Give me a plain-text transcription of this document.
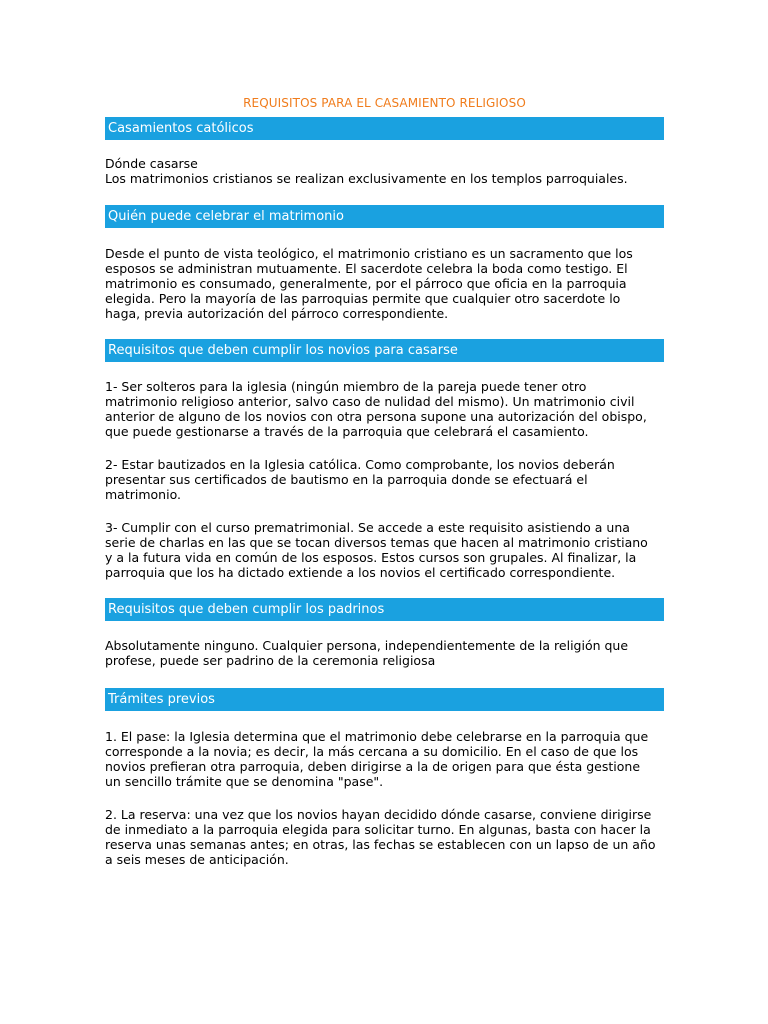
REQUISITOS PARA EL CASAMIENTO RELIGIOSO
Casamientos católicos

Dónde casarse
Los matrimonios cristianos se realizan exclusivamente en los templos parroquiales.

Quién puede celebrar el matrimonio

Desde el punto de vista teológico, el matrimonio cristiano es un sacramento que los
esposos se administran mutuamente. El sacerdote celebra la boda como testigo. El
matrimonio es consumado, generalmente, por el párroco que oficia en la parroquia
elegida. Pero la mayoría de las parroquias permite que cualquier otro sacerdote lo
haga, previa autorización del párroco correspondiente.

Requisitos que deben cumplir los novios para casarse

1- Ser solteros para la iglesia (ningún miembro de la pareja puede tener otro
matrimonio religioso anterior, salvo caso de nulidad del mismo). Un matrimonio civil
anterior de alguno de los novios con otra persona supone una autorización del obispo,
que puede gestionarse a través de la parroquia que celebrará el casamiento.

2- Estar bautizados en la Iglesia católica. Como comprobante, los novios deberán
presentar sus certificados de bautismo en la parroquia donde se efectuará el
matrimonio.

3- Cumplir con el curso prematrimonial. Se accede a este requisito asistiendo a una
serie de charlas en las que se tocan diversos temas que hacen al matrimonio cristiano
y a la futura vida en común de los esposos. Estos cursos son grupales. Al finalizar, la
parroquia que los ha dictado extiende a los novios el certificado correspondiente.

Requisitos que deben cumplir los padrinos

Absolutamente ninguno. Cualquier persona, independientemente de la religión que
profese, puede ser padrino de la ceremonia religiosa

Trámites previos

1. El pase: la Iglesia determina que el matrimonio debe celebrarse en la parroquia que
corresponde a la novia; es decir, la más cercana a su domicilio. En el caso de que los
novios prefieran otra parroquia, deben dirigirse a la de origen para que ésta gestione
un sencillo trámite que se denomina "pase".

2. La reserva: una vez que los novios hayan decidido dónde casarse, conviene dirigirse
de inmediato a la parroquia elegida para solicitar turno. En algunas, basta con hacer la
reserva unas semanas antes; en otras, las fechas se establecen con un lapso de un año
a seis meses de anticipación.
